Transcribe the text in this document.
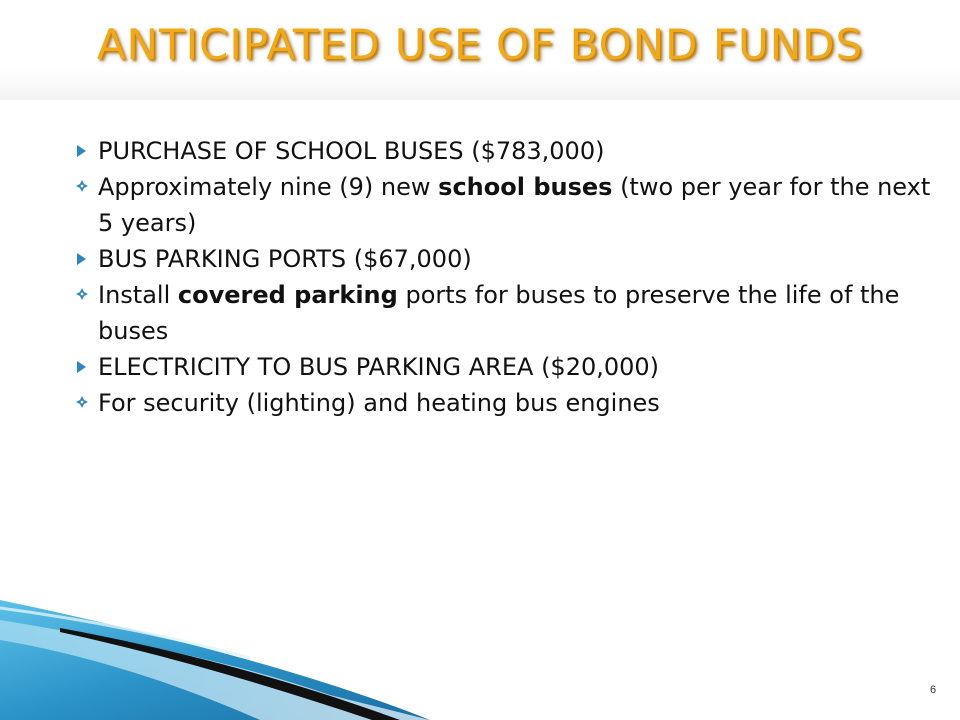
ANTICIPATED USE OF BOND FUNDS
PURCHASE OF SCHOOL BUSES ($783,000)
Approximately nine (9) new school buses (two per year for the next 5 years)
BUS PARKING PORTS ($67,000)
Install covered parking ports for buses to preserve the life of the buses
ELECTRICITY TO BUS PARKING AREA ($20,000)
For security (lighting) and heating bus engines
6
